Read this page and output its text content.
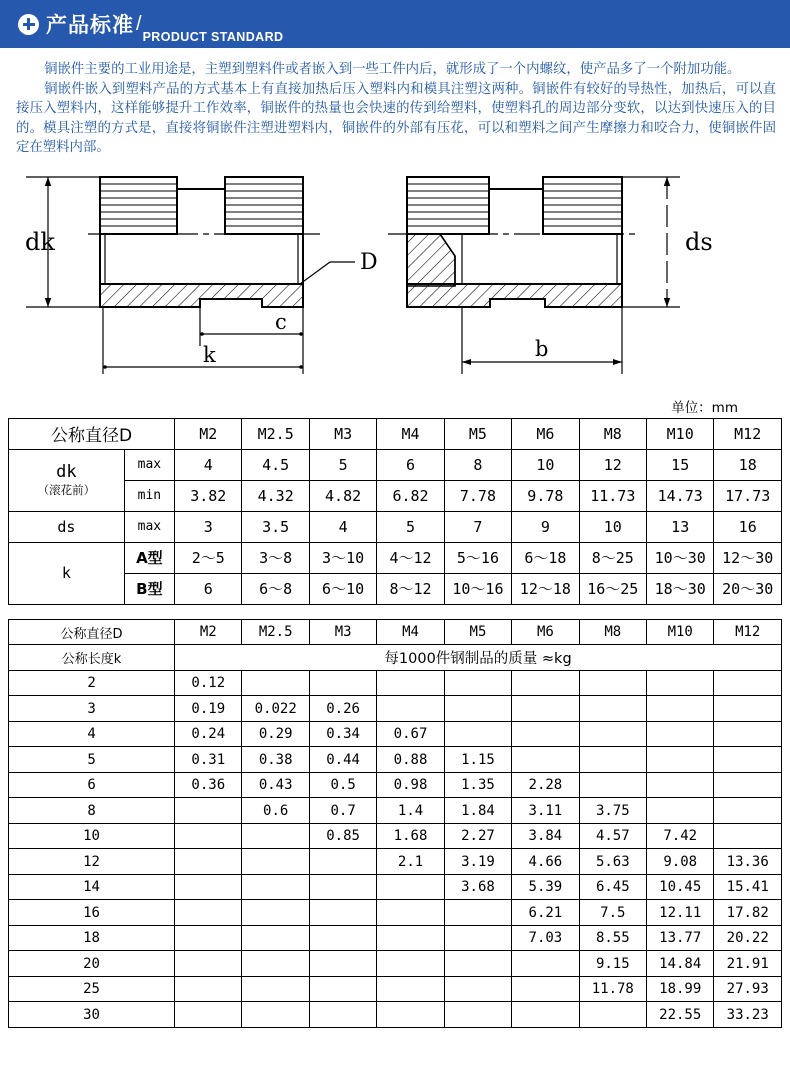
产品标准 /
PRODUCT STANDARD

铜嵌件主要的工业用途是，主塑到塑料件或者嵌入到一些工件内后，就形成了一个内螺纹，使产品多了一个附加功能。

铜嵌件嵌入到塑料产品的方式基本上有直接加热后压入塑料内和模具注塑这两种。铜嵌件有较好的导热性，加热后，可以直接压入塑料内，这样能够提升工作效率，铜嵌件的热量也会快速的传到给塑料，使塑料孔的周边部分变软，以达到快速压入的目的。模具注塑的方式是，直接将铜嵌件注塑进塑料内，铜嵌件的外部有压花，可以和塑料之间产生摩擦力和咬合力，使铜嵌件固定在塑料内部。

dk
D
c
k
ds
b
单位：mm
公称直径D		M2	M2.5	M3	M4	M5	M6	M8	M10	M12

dk
（滚花前）	max	4	4.5	5	6	8	10	12	15	18
	min	3.82	4.32	4.82	6.82	7.78	9.78	11.73	14.73	17.73
ds	max	3	3.5	4	5	7	9	10	13	16
k	A型	2～5	3～8	3～10	4～12	5～16	6～18	8～25	10～30	12～30
	B型	6	6～8	6～10	8～12	10～16	12～18	16～25	18～30	20～30
公称直径D	M2	M2.5	M3	M4	M5	M6	M8	M10	M12
公称长度k	每1000件钢制品的质量 ≈kg								
2	0.12								
3	0.19	0.022	0.26						
4	0.24	0.29	0.34	0.67					
5	0.31	0.38	0.44	0.88	1.15				
6	0.36	0.43	0.5	0.98	1.35	2.28			
8		0.6	0.7	1.4	1.84	3.11	3.75		
10			0.85	1.68	2.27	3.84	4.57	7.42	
12				2.1	3.19	4.66	5.63	9.08	13.36
14					3.68	5.39	6.45	10.45	15.41
16						6.21	7.5	12.11	17.82
18						7.03	8.55	13.77	20.22
20							9.15	14.84	21.91
25							11.78	18.99	27.93
30								22.55	33.23
